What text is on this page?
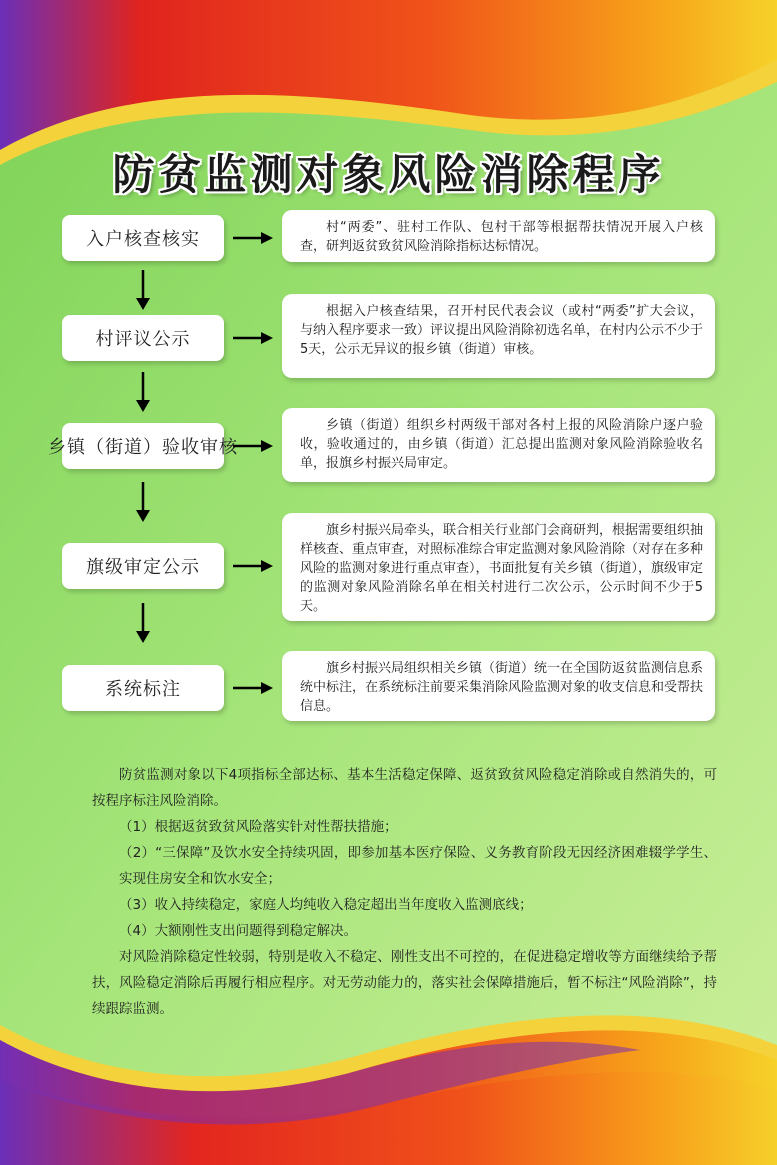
防贫监测对象风险消除程序
入户核查核实
村“两委”、驻村工作队、包村干部等根据帮扶情况开展入户核查，研判返贫致贫风险消除指标达标情况。
村评议公示
根据入户核查结果，召开村民代表会议（或村“两委”扩大会议，与纳入程序要求一致）评议提出风险消除初选名单，在村内公示不少于5天，公示无异议的报乡镇（街道）审核。
乡镇（街道）验收审核
乡镇（街道）组织乡村两级干部对各村上报的风险消除户逐户验收，验收通过的，由乡镇（街道）汇总提出监测对象风险消除验收名单，报旗乡村振兴局审定。
旗级审定公示
旗乡村振兴局牵头，联合相关行业部门会商研判，根据需要组织抽样核查、重点审查，对照标准综合审定监测对象风险消除（对存在多种风险的监测对象进行重点审查），书面批复有关乡镇（街道），旗级审定的监测对象风险消除名单在相关村进行二次公示，公示时间不少于5天。
系统标注
旗乡村振兴局组织相关乡镇（街道）统一在全国防返贫监测信息系统中标注，在系统标注前要采集消除风险监测对象的收支信息和受帮扶信息。

防贫监测对象以下4项指标全部达标、基本生活稳定保障、返贫致贫风险稳定消除或自然消失的，可按程序标注风险消除。

（1）根据返贫致贫风险落实针对性帮扶措施；

（2）“三保障”及饮水安全持续巩固，即参加基本医疗保险、义务教育阶段无因经济困难辍学学生、实现住房安全和饮水安全；

（3）收入持续稳定，家庭人均纯收入稳定超出当年度收入监测底线；

（4）大额刚性支出问题得到稳定解决。

对风险消除稳定性较弱，特别是收入不稳定、刚性支出不可控的，在促进稳定增收等方面继续给予帮扶，风险稳定消除后再履行相应程序。对无劳动能力的，落实社会保障措施后，暂不标注“风险消除”，持续跟踪监测。
